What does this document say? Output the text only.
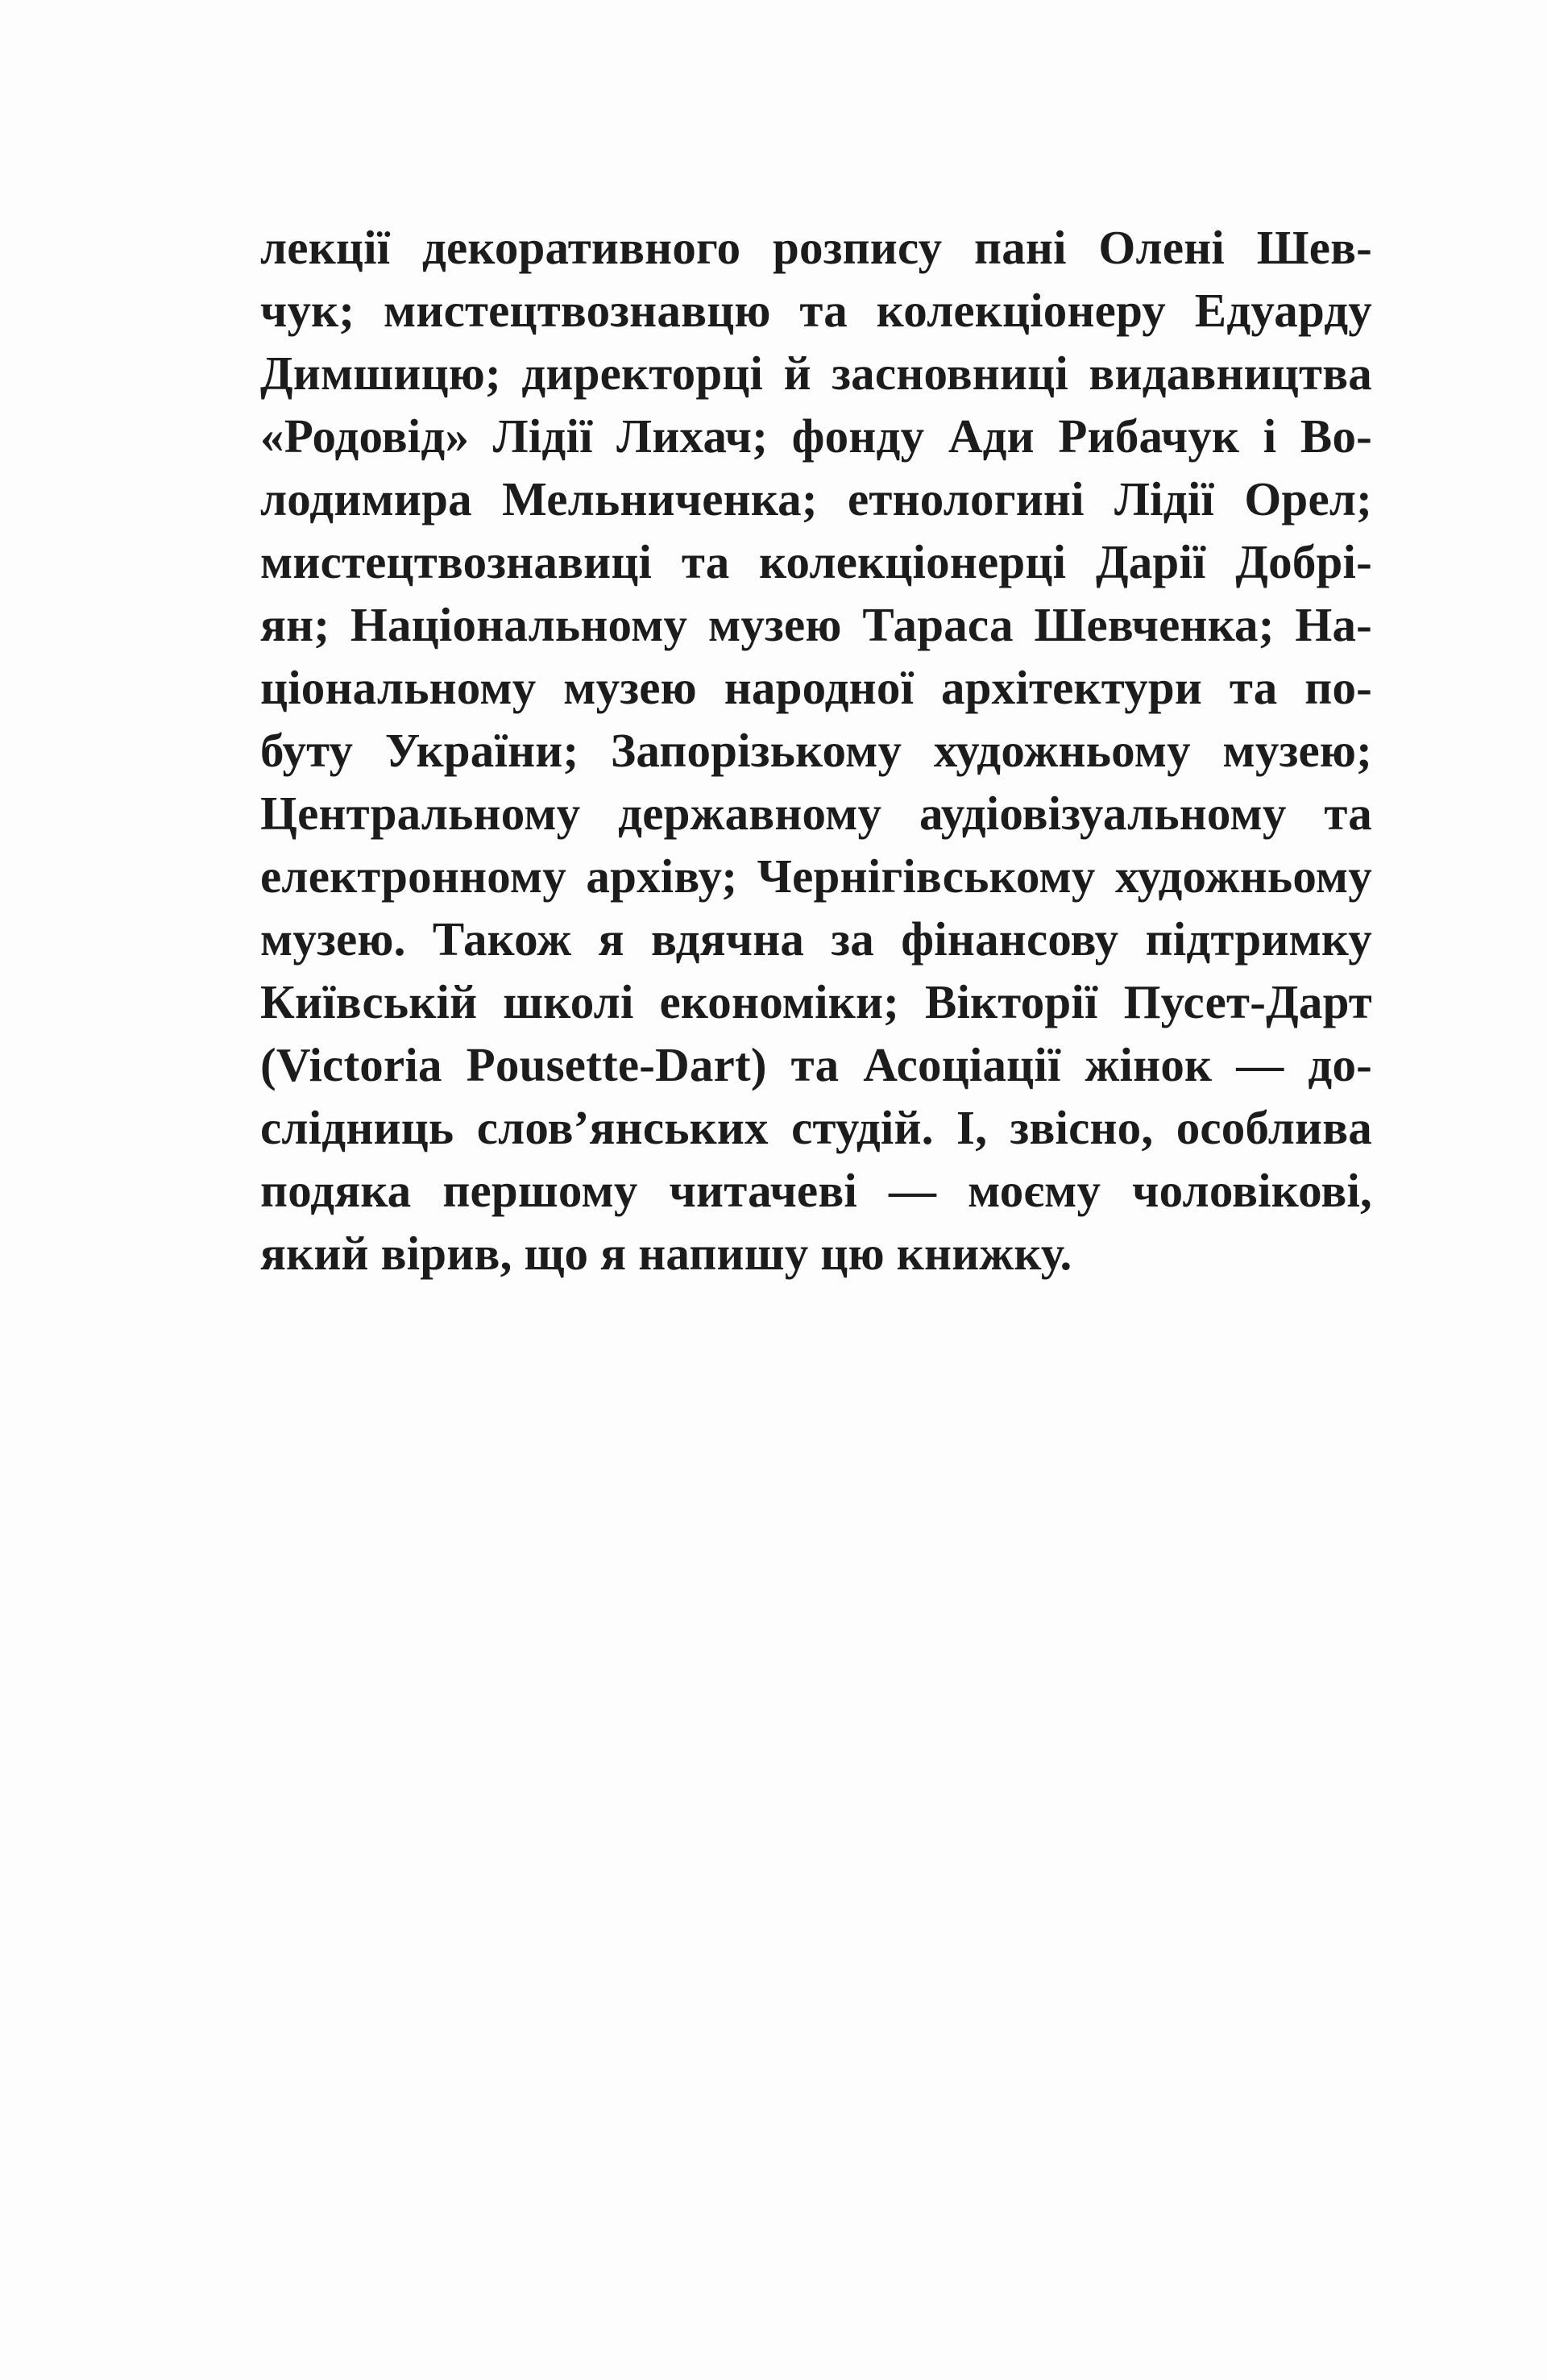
лекції декоративного розпису пані Олені Шев-
чук; мистецтвознавцю та колекціонеру Едуарду
Димшицю; директорці й засновниці видавництва
«Родовід» Лідії Лихач; фонду Ади Рибачук і Во-
лодимира Мельниченка; етнологині Лідії Орел;
мистецтвознавиці та колекціонерці Дарії Добрі-
ян; Національному музею Тараса Шевченка; На-
ціональному музею народної архітектури та по-
буту України; Запорізькому художньому музею;
Центральному державному аудіовізуальному та
електронному архіву; Чернігівському художньому
музею. Також я вдячна за фінансову підтримку
Київській школі економіки; Вікторії Пусет-Дарт
(Victoria Pousette-Dart) та Асоціації жінок — до-
слідниць слов’янських студій. І, звісно, особлива
подяка першому читачеві — моєму чоловікові,
який вірив, що я напишу цю книжку.
